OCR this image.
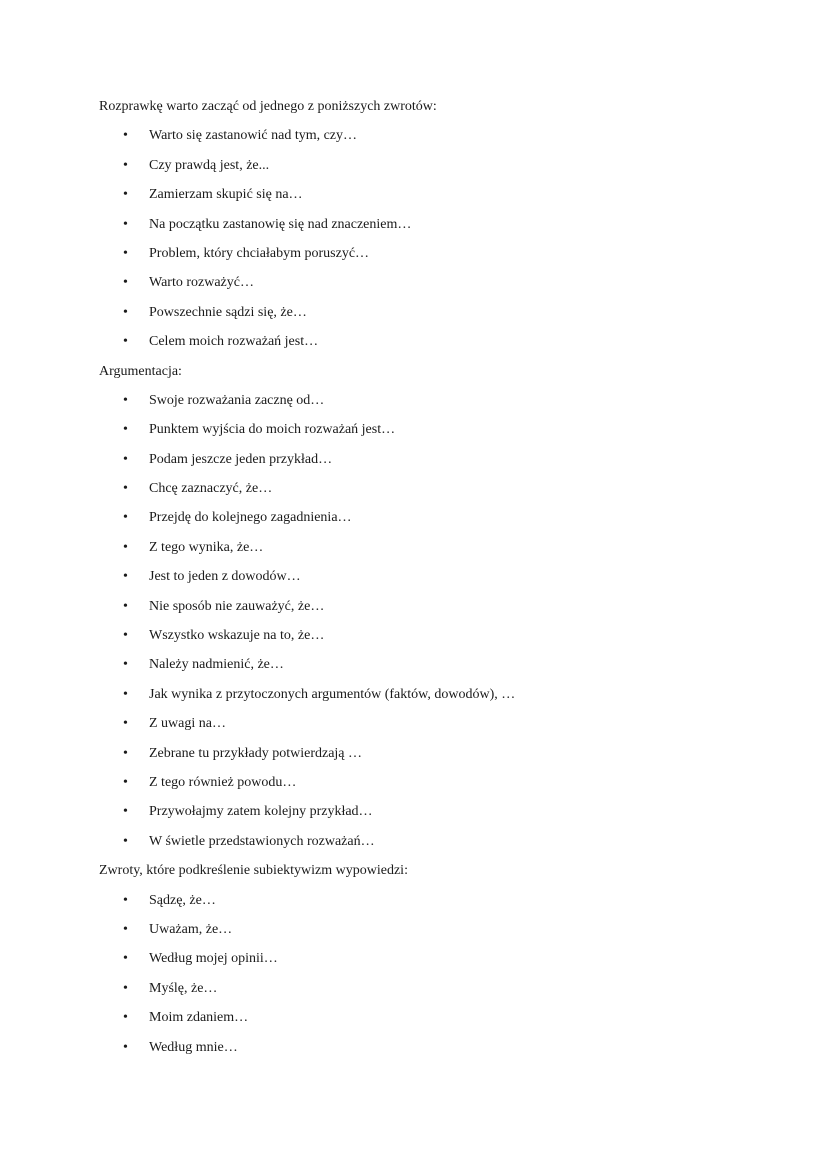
Rozprawkę warto zacząć od jednego z poniższych zwrotów:
• Warto się zastanowić nad tym, czy…
• Czy prawdą jest, że...
• Zamierzam skupić się na…
• Na początku zastanowię się nad znaczeniem…
• Problem, który chciałabym poruszyć…
• Warto rozważyć…
• Powszechnie sądzi się, że…
• Celem moich rozważań jest…
Argumentacja:
• Swoje rozważania zacznę od…
• Punktem wyjścia do moich rozważań jest…
• Podam jeszcze jeden przykład…
• Chcę zaznaczyć, że…
• Przejdę do kolejnego zagadnienia…
• Z tego wynika, że…
• Jest to jeden z dowodów…
• Nie sposób nie zauważyć, że…
• Wszystko wskazuje na to, że…
• Należy nadmienić, że…
• Jak wynika z przytoczonych argumentów (faktów, dowodów), …
• Z uwagi na…
• Zebrane tu przykłady potwierdzają …
• Z tego również powodu…
• Przywołajmy zatem kolejny przykład…
• W świetle przedstawionych rozważań…
Zwroty, które podkreślenie subiektywizm wypowiedzi:
• Sądzę, że…
• Uważam, że…
• Według mojej opinii…
• Myślę, że…
• Moim zdaniem…
• Według mnie…
